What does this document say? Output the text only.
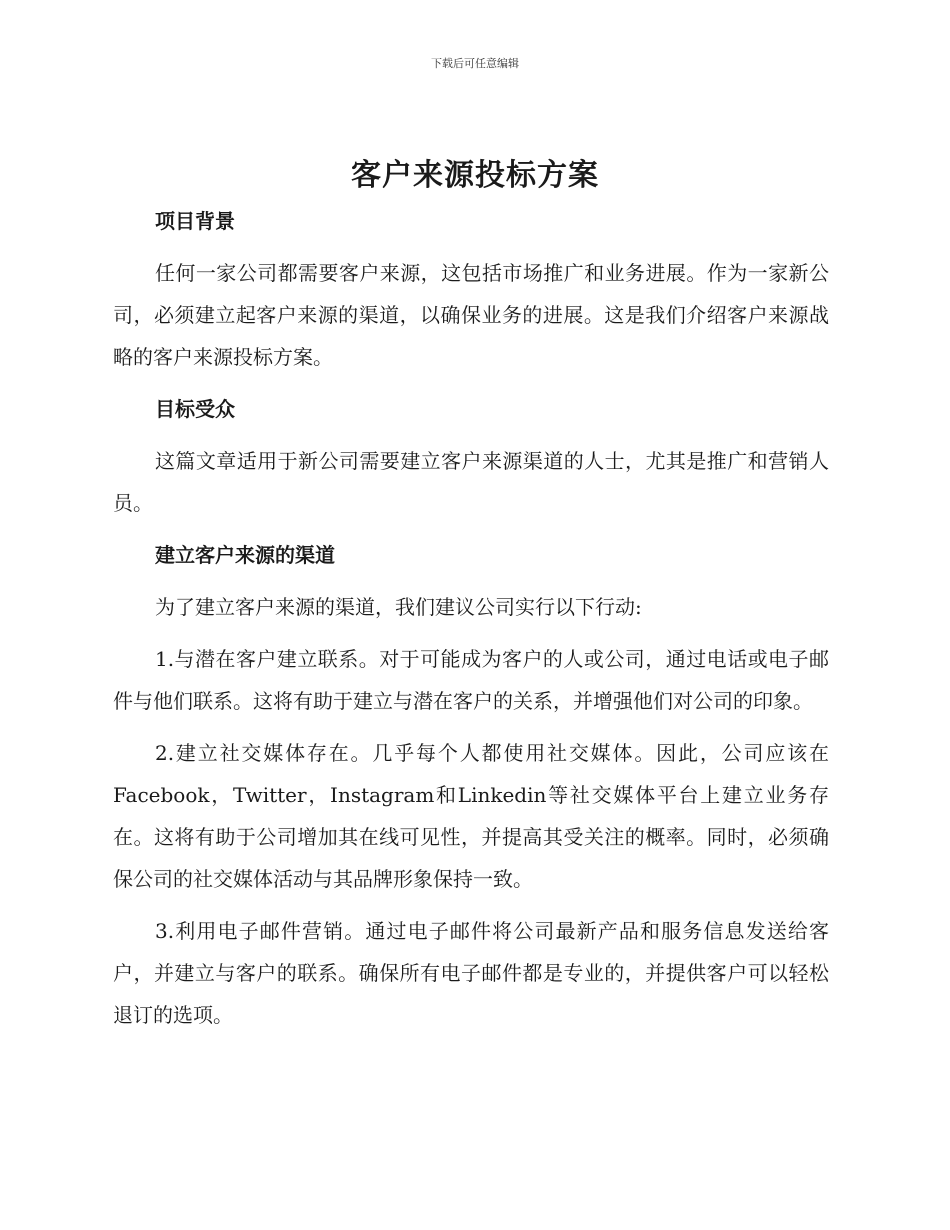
下载后可任意编辑
客户来源投标方案
项目背景

任何一家公司都需要客户来源，这包括市场推广和业务进展。作为一家新公司，必须建立起客户来源的渠道，以确保业务的进展。这是我们介绍客户来源战略的客户来源投标方案。

目标受众

这篇文章适用于新公司需要建立客户来源渠道的人士，尤其是推广和营销人员。

建立客户来源的渠道

为了建立客户来源的渠道，我们建议公司实行以下行动:

1.与潜在客户建立联系。对于可能成为客户的人或公司，通过电话或电子邮件与他们联系。这将有助于建立与潜在客户的关系，并增强他们对公司的印象。

2.建立社交媒体存在。几乎每个人都使用社交媒体。因此，公司应该在Facebook，Twitter，Instagram和Linkedin等社交媒体平台上建立业务存在。这将有助于公司增加其在线可见性，并提高其受关注的概率。同时，必须确保公司的社交媒体活动与其品牌形象保持一致。

3.利用电子邮件营销。通过电子邮件将公司最新产品和服务信息发送给客户，并建立与客户的联系。确保所有电子邮件都是专业的，并提供客户可以轻松退订的选项。
